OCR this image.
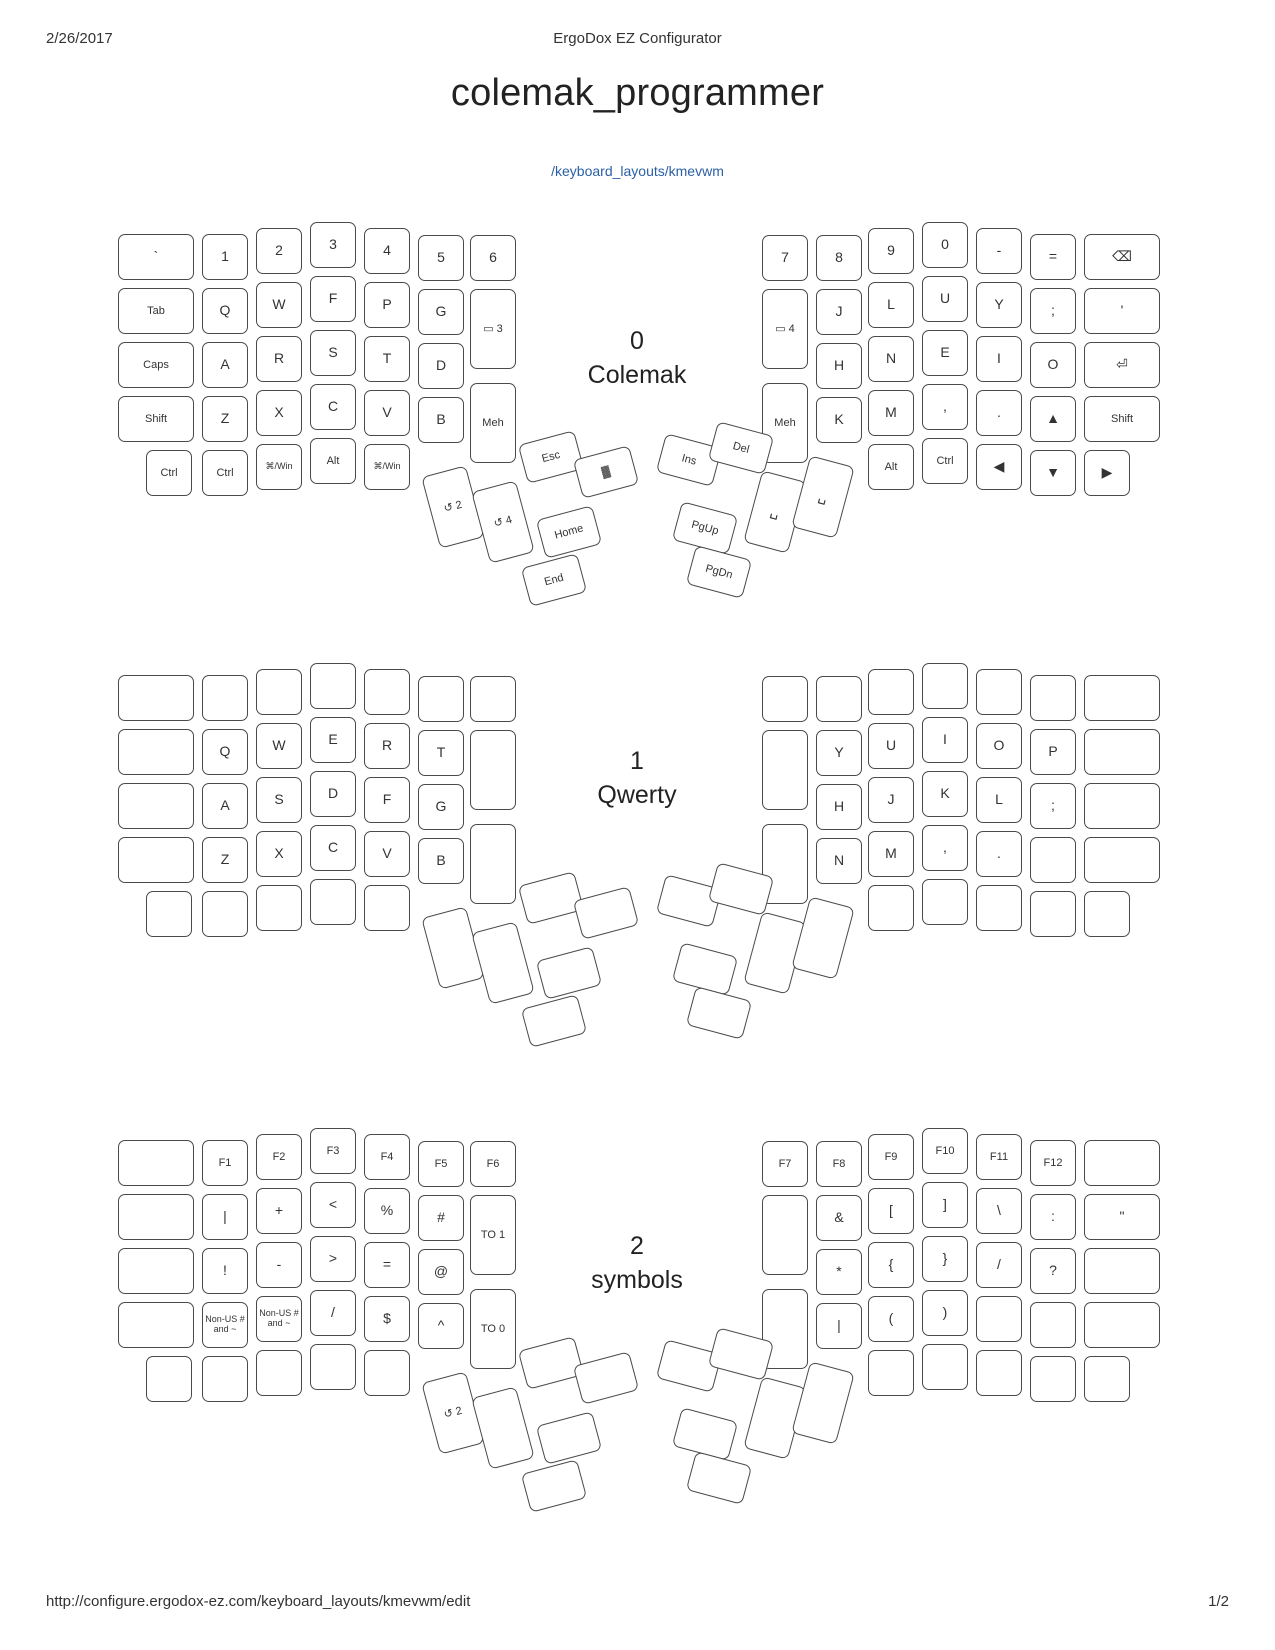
2/26/2017	ErgoDox EZ Configurator
colemak_programmer
/keyboard_layouts/kmevwm
`	1	2	3	4	5	6
Tab	Q	W	F	P	G
▭ 3
Caps	A	R	S	T	D
Shift	Z	X	C	V	B	Meh
Ctrl	Ctrl
⌘/Win	Alt	⌘/Win
↺ 2
↺ 4
Esc
▓
Home
End
7	8	9	0	-	=	⌫
▭ 4
J	L	U	Y	;	'
H	N	E	I	O	⏎
Meh	K	M	,	.	▲	Shift
Alt	Ctrl	◀	▼	▶
Ins
Del
PgUp
PgDn
␣
␣
0
Colemak
Q	W	E	R	T
A	S	D	F	G
Z	X	C	V	B
Y	U	I	O	P
H	J	K	L	;
N	M	,	.
1
Qwerty
F1	F2	F3	F4
F5	F6
|	+	<	%	#
TO 1
!	-	>	=	@
Non-US # and ~
Non-US # and ~
/	$	^	TO 0
↺ 2
F7	F8
F9	F10	F11	F12
&	[	]	\	:	"
*	{	}	/	?
|	(	)
2
symbols
http://configure.ergodox-ez.com/keyboard_layouts/kmevwm/edit	1/2
